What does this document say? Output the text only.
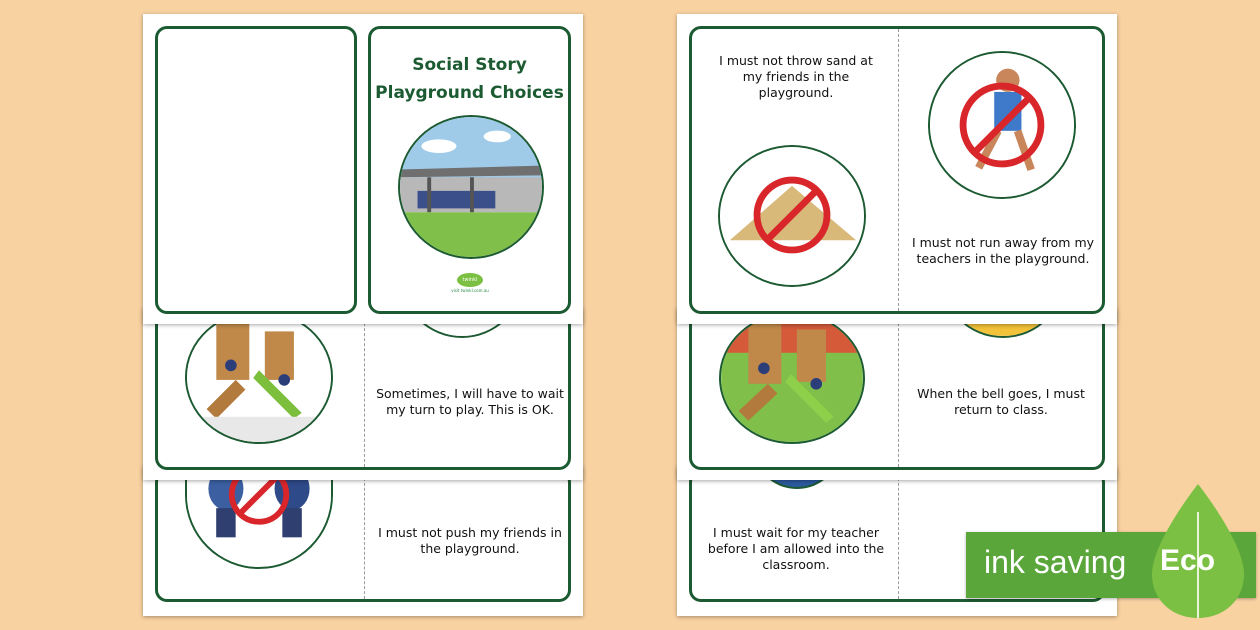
I must not push my friends in the playground.
Sometimes, I will have to wait my turn to play. This is OK.
Social Story
Playground Choices
twinkl
visit twinkl.com.au
I must wait for my teacher before I am allowed into the classroom.
When the bell goes, I must return to class.
I must not throw sand at my friends in the playground.
I must not run away from my teachers in the playground.
ink saving Eco
